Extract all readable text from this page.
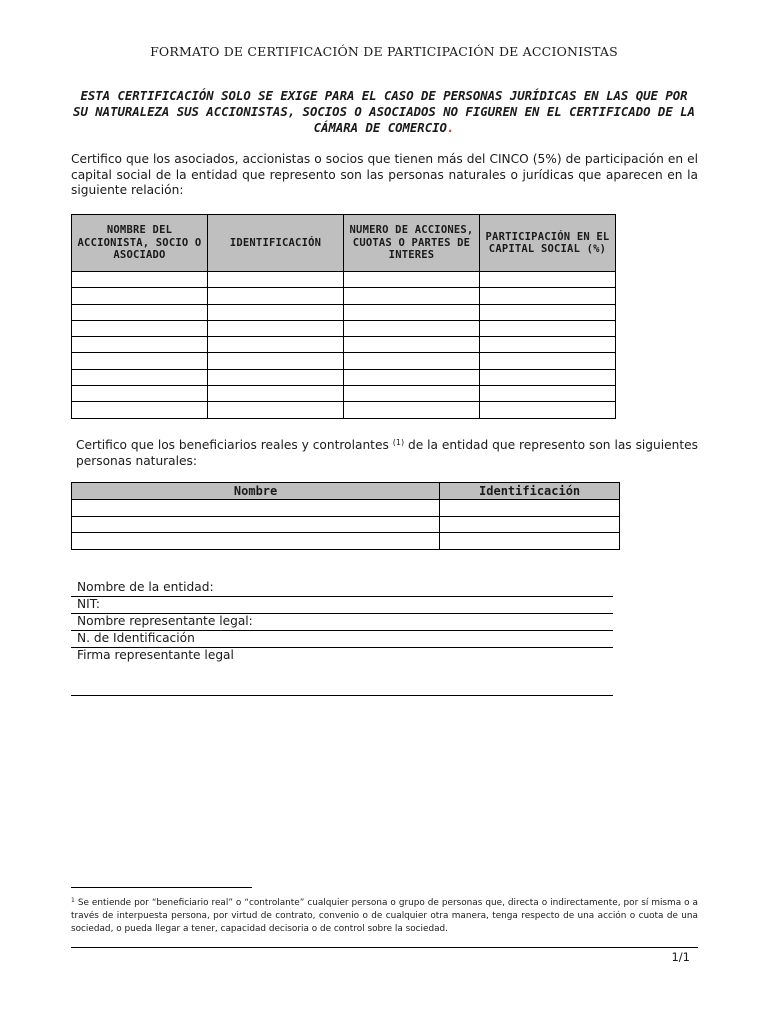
FORMATO DE CERTIFICACIÓN DE PARTICIPACIÓN DE ACCIONISTAS
ESTA CERTIFICACIÓN SOLO SE EXIGE PARA EL CASO DE PERSONAS JURÍDICAS EN LAS QUE POR SU NATURALEZA SUS ACCIONISTAS, SOCIOS O ASOCIADOS NO FIGUREN EN EL CERTIFICADO DE LA CÁMARA DE COMERCIO.
Certifico que los asociados, accionistas o socios que tienen más del CINCO (5%) de participación en el capital social de la entidad que represento son las personas naturales o jurídicas que aparecen en la siguiente relación:
NOMBRE DEL ACCIONISTA, SOCIO O ASOCIADO	IDENTIFICACIÓN	NUMERO DE ACCIONES, CUOTAS O PARTES DE INTERES	PARTICIPACIÓN EN EL CAPITAL SOCIAL (%)

Certifico que los beneficiarios reales y controlantes $^{(1)}$ de la entidad que represento son las siguientes personas naturales:
Nombre	Identificación

Nombre de la entidad:
NIT:
Nombre representante legal:
N. de Identificación
Firma representante legal
$^1$ Se entiende por “beneficiario real” o “controlante” cualquier persona o grupo de personas que, directa o indirectamente, por sí misma o a través de interpuesta persona, por virtud de contrato, convenio o de cualquier otra manera, tenga respecto de una acción o cuota de una sociedad, o pueda llegar a tener, capacidad decisoria o de control sobre la sociedad.
1/1
